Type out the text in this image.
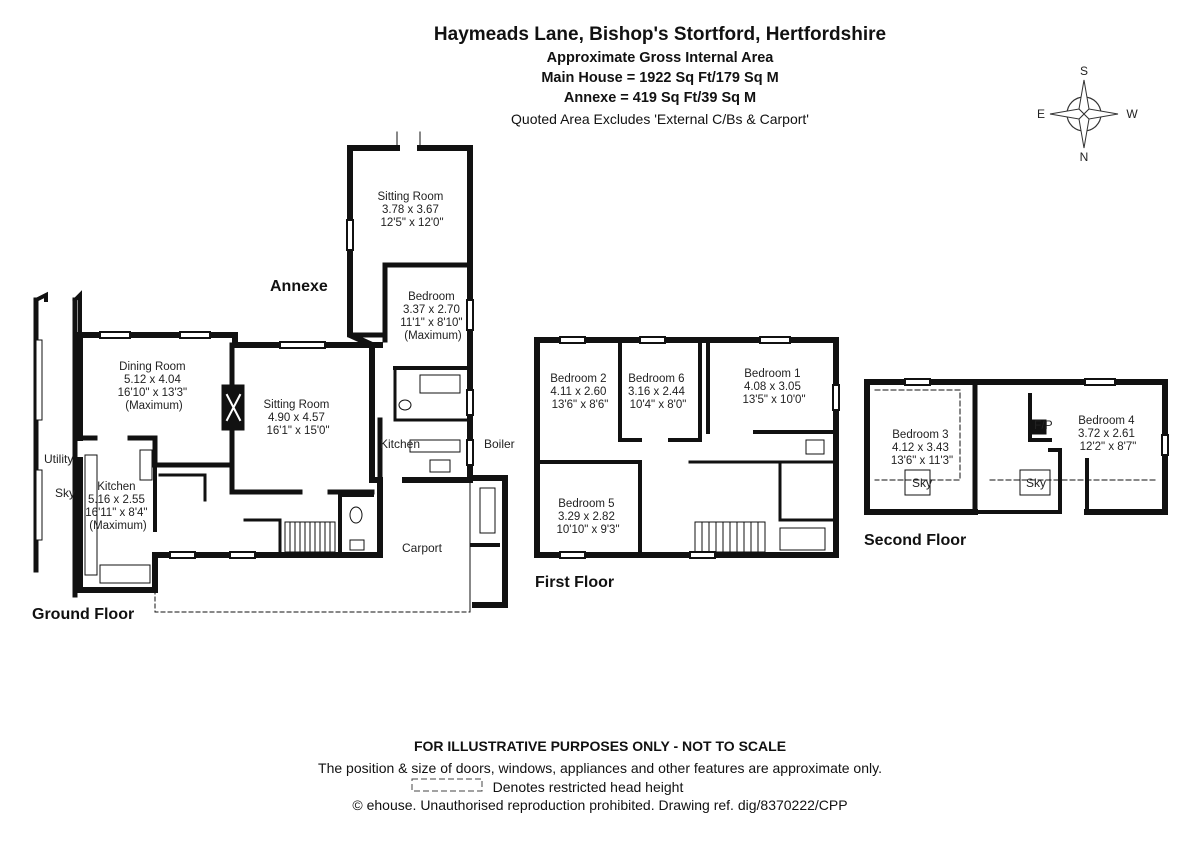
Haymeads Lane, Bishop's Stortford, Hertfordshire

Approximate Gross Internal Area

Main House = 1922 Sq Ft/179 Sq M

Annexe = 419 Sq Ft/39 Sq M

Quoted Area Excludes 'External C/Bs & Carport'

S
N
E	W
Sitting Room 3.78 x 3.67 12'5" x 12'0"
Bedroom 3.37 x 2.70 11'1" x 8'10" (Maximum)
Dining Room 5.12 x 4.04 16'10" x 13'3" (Maximum)	Sitting Room 4.90 x 4.57 16'1" x 15'0"
Kitchen 5.16 x 2.55 16'11" x 8'4" (Maximum)
Bedroom 2 4.11 x 2.60 13'6" x 8'6"
Bedroom 6 3.16 x 2.44 10'4" x 8'0"
Bedroom 1 4.08 x 3.05 13'5" x 10'0"
Bedroom 5 3.29 x 2.82 10'10" x 9'3"
Bedroom 3 4.12 x 3.43 13'6" x 11'3"
Bedroom 4 3.72 x 2.61 12'2" x 8'7"
Utility
Sky
Kitchen	Boiler
Carport
F/P
Sky	Sky
Annexe
Ground Floor
First Floor
Second Floor

FOR ILLUSTRATIVE PURPOSES ONLY - NOT TO SCALE

The position & size of doors, windows, appliances and other features are approximate only.

Denotes restricted head height

© ehouse. Unauthorised reproduction prohibited. Drawing ref. dig/8370222/CPP
